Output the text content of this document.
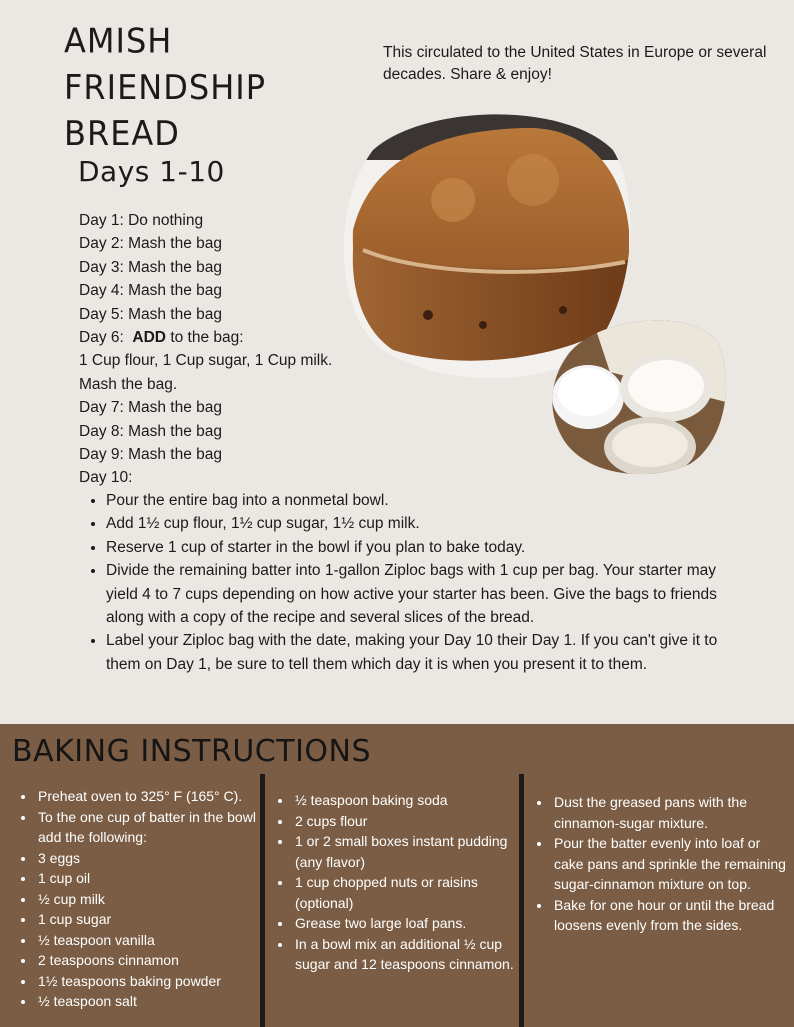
AMISH
FRIENDSHIP
BREAD

This circulated to the United States in Europe or several decades. Share & enjoy!

Days 1-10
Day 1: Do nothing
Day 2: Mash the bag
Day 3: Mash the bag
Day 4: Mash the bag
Day 5: Mash the bag
Day 6:  ADD to the bag:
1 Cup flour, 1 Cup sugar, 1 Cup milk.
Mash the bag.
Day 7: Mash the bag
Day 8: Mash the bag
Day 9: Mash the bag
Day 10:
• Pour the entire bag into a nonmetal bowl.
• Add 1½ cup flour, 1½ cup sugar, 1½ cup milk.
• Reserve 1 cup of starter in the bowl if you plan to bake today.
• Divide the remaining batter into 1-gallon Ziploc bags with 1 cup per bag. Your starter may yield 4 to 7 cups depending on how active your starter has been. Give the bags to friends along with a copy of the recipe and several slices of the bread.
• Label your Ziploc bag with the date, making your Day 10 their Day 1. If you can't give it to them on Day 1, be sure to tell them which day it is when you present it to them.
BAKING INSTRUCTIONS
• Preheat oven to 325° F (165° C).
• To the one cup of batter in the bowl add the following:
• 3 eggs
• 1 cup oil
• ½ cup milk
• 1 cup sugar
• ½ teaspoon vanilla
• 2 teaspoons cinnamon
• 1½ teaspoons baking powder
• ½ teaspoon salt
• ½ teaspoon baking soda
• 2 cups flour
• 1 or 2 small boxes instant pudding (any flavor)
• 1 cup chopped nuts or raisins (optional)
• Grease two large loaf pans.
• In a bowl mix an additional ½ cup sugar and 12 teaspoons cinnamon.
• Dust the greased pans with the cinnamon-sugar mixture.
• Pour the batter evenly into loaf or cake pans and sprinkle the remaining sugar-cinnamon mixture on top.
• Bake for one hour or until the bread loosens evenly from the sides.
